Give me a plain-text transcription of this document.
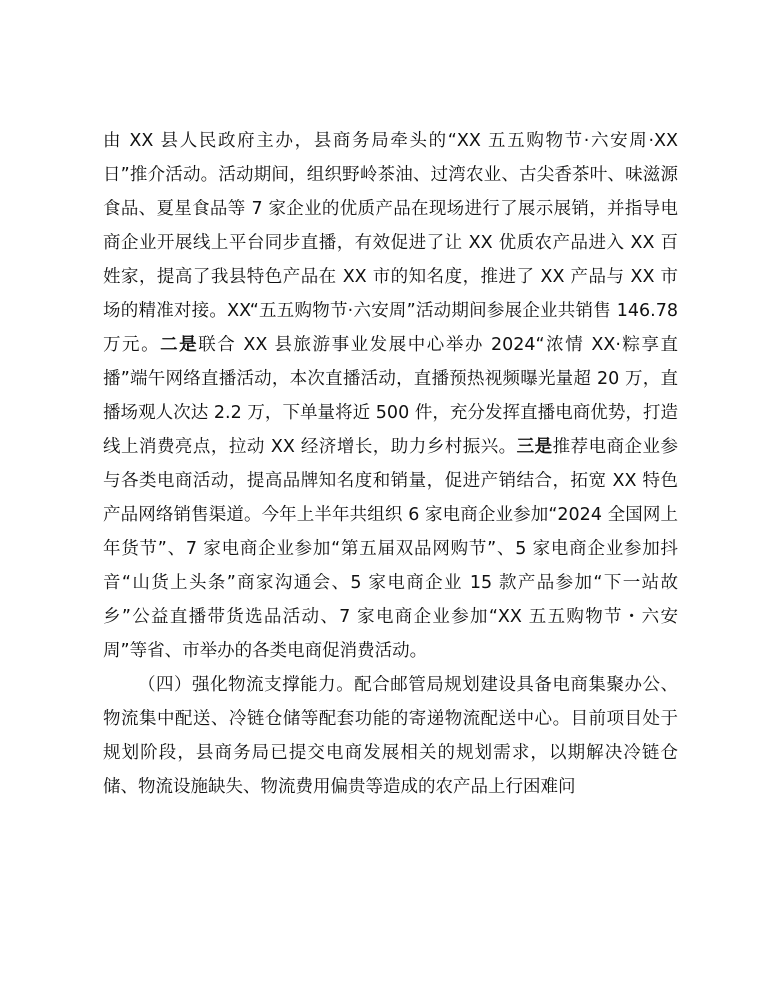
由 XX 县人民政府主办，县商务局牵头的“XX 五五购物节·六安周·XX 日”推介活动。活动期间，组织野岭茶油、过湾农业、古尖香茶叶、味滋源食品、夏星食品等 7 家企业的优质产品在现场进行了展示展销，并指导电商企业开展线上平台同步直播，有效促进了让 XX 优质农产品进入 XX 百姓家，提高了我县特色产品在 XX 市的知名度，推进了 XX 产品与 XX 市场的精准对接。XX“五五购物节·六安周”活动期间参展企业共销售 146.78 万元。二是联合 XX 县旅游事业发展中心举办 2024“浓情 XX·粽享直播”端午网络直播活动，本次直播活动，直播预热视频曝光量超 20 万，直播场观人次达 2.2 万，下单量将近 500 件，充分发挥直播电商优势，打造线上消费亮点，拉动 XX 经济增长，助力乡村振兴。三是推荐电商企业参与各类电商活动，提高品牌知名度和销量，促进产销结合，拓宽 XX 特色产品网络销售渠道。今年上半年共组织 6 家电商企业参加“2024 全国网上年货节”、7 家电商企业参加“第五届双品网购节”、5 家电商企业参加抖音“山货上头条”商家沟通会、5 家电商企业 15 款产品参加“下一站故乡”公益直播带货选品活动、7 家电商企业参加“XX 五五购物节・六安周”等省、市举办的各类电商促消费活动。

（四）强化物流支撑能力。配合邮管局规划建设具备电商集聚办公、物流集中配送、冷链仓储等配套功能的寄递物流配送中心。目前项目处于规划阶段，县商务局已提交电商发展相关的规划需求，以期解决冷链仓储、物流设施缺失、物流费用偏贵等造成的农产品上行困难问
